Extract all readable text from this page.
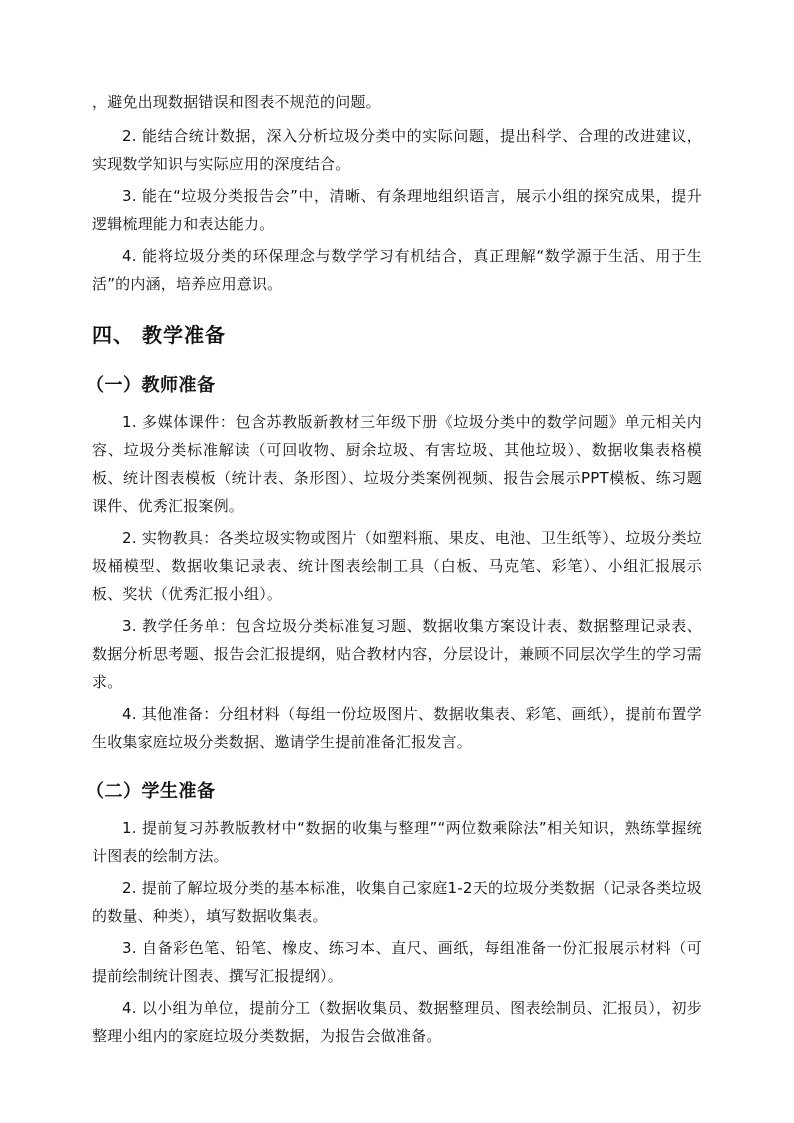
，避免出现数据错误和图表不规范的问题。

2. 能结合统计数据，深入分析垃圾分类中的实际问题，提出科学、合理的改进建议，实现数学知识与实际应用的深度结合。

3. 能在“垃圾分类报告会”中，清晰、有条理地组织语言，展示小组的探究成果，提升逻辑梳理能力和表达能力。

4. 能将垃圾分类的环保理念与数学学习有机结合，真正理解“数学源于生活、用于生活”的内涵，培养应用意识。

四、 教学准备
（一）教师准备

1. 多媒体课件：包含苏教版新教材三年级下册《垃圾分类中的数学问题》单元相关内容、垃圾分类标准解读（可回收物、厨余垃圾、有害垃圾、其他垃圾）、数据收集表格模板、统计图表模板（统计表、条形图）、垃圾分类案例视频、报告会展示PPT模板、练习题课件、优秀汇报案例。

2. 实物教具：各类垃圾实物或图片（如塑料瓶、果皮、电池、卫生纸等）、垃圾分类垃圾桶模型、数据收集记录表、统计图表绘制工具（白板、马克笔、彩笔）、小组汇报展示板、奖状（优秀汇报小组）。

3. 教学任务单：包含垃圾分类标准复习题、数据收集方案设计表、数据整理记录表、数据分析思考题、报告会汇报提纲，贴合教材内容，分层设计，兼顾不同层次学生的学习需求。

4. 其他准备：分组材料（每组一份垃圾图片、数据收集表、彩笔、画纸），提前布置学生收集家庭垃圾分类数据、邀请学生提前准备汇报发言。

（二）学生准备

1. 提前复习苏教版教材中“数据的收集与整理”“两位数乘除法”相关知识，熟练掌握统计图表的绘制方法。

2. 提前了解垃圾分类的基本标准，收集自己家庭1-2天的垃圾分类数据（记录各类垃圾的数量、种类），填写数据收集表。

3. 自备彩色笔、铅笔、橡皮、练习本、直尺、画纸，每组准备一份汇报展示材料（可提前绘制统计图表、撰写汇报提纲）。

4. 以小组为单位，提前分工（数据收集员、数据整理员、图表绘制员、汇报员），初步整理小组内的家庭垃圾分类数据，为报告会做准备。
